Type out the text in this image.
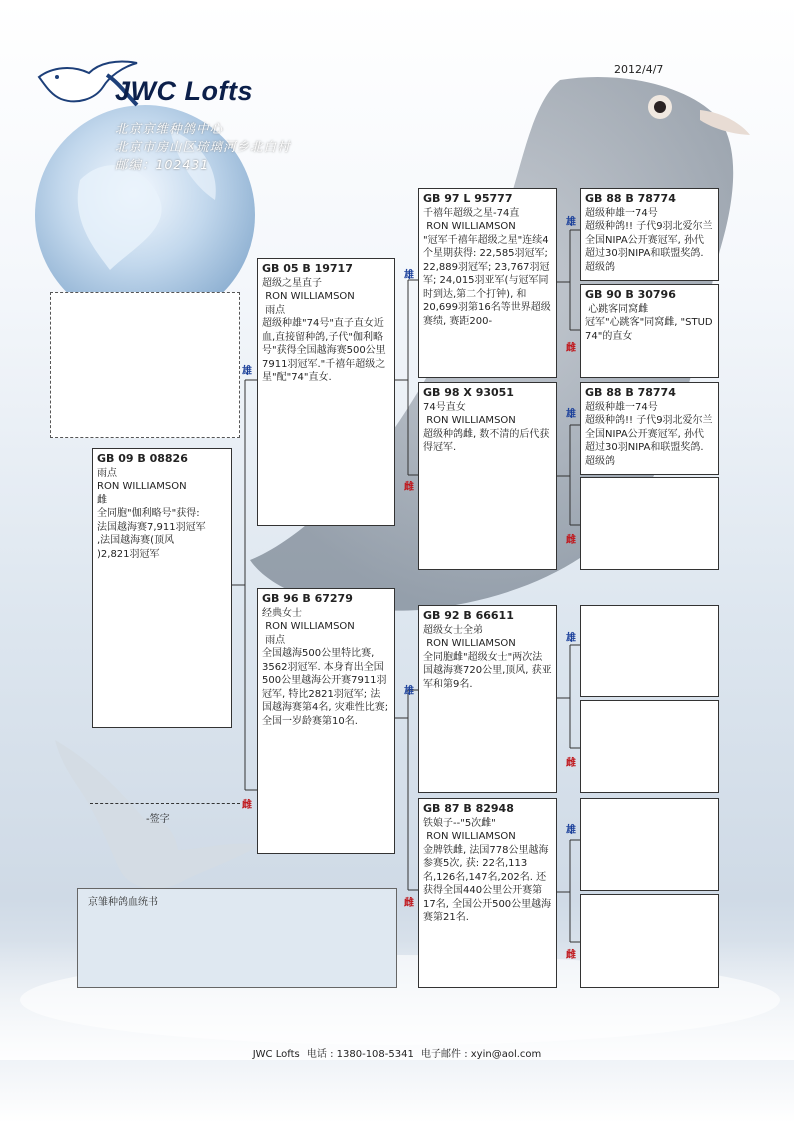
2012/4/7
JWC Lofts
北京京维种鸽中心
北京市房山区琉璃河乡北白村
邮编：102431
GB 09 B 08826

雨点
RON WILLIAMSON
雌
全同胞"伽利略号"获得:
法国越海赛7,911羽冠军
,法国越海赛(顶风
)2,821羽冠军
GB 05 B 19717

超级之星直子
RON WILLIAMSON
雨点
超级种雄"74号"直子直女近血,直接留种鸽,子代"伽利略号"获得全国越海赛500公里7911羽冠军."千禧年超级之星"配"74"直女.
雄
GB 96 B 67279

经典女士
RON WILLIAMSON
雨点
全国越海500公里特比赛, 3562羽冠军. 本身育出全国500公里越海公开赛7911羽冠军, 特比2821羽冠军; 法国越海赛第4名, 灾难性比赛; 全国一岁龄赛第10名.
雌
GB 97 L 95777

千禧年超级之星-74直
RON WILLIAMSON
"冠军千禧年超级之星"连续4个星期获得: 22,585羽冠军; 22,889羽冠军; 23,767羽冠军; 24,015羽亚军(与冠军同时到达,第二个打钟), 和20,699羽第16名等世界超级赛绩, 赛距200-
雄
GB 98 X 93051

74号直女
RON WILLIAMSON
超级种鸽雌, 数不清的后代获得冠军.
雌
GB 92 B 66611

超级女士全弟
RON WILLIAMSON
全同胞雌"超级女士"两次法国越海赛720公里,顶风, 获亚军和第9名.
雄
GB 87 B 82948

铁娘子--"5次雌"
RON WILLIAMSON
金牌铁雌, 法国778公里越海参赛5次, 获: 22名,113名,126名,147名,202名. 还获得全国440公里公开赛第17名, 全国公开500公里越海赛第21名.
雌
GB 88 B 78774

超级种雄一74号
超级种鸽!! 子代9羽北爱尔兰全国NIPA公开赛冠军, 孙代超过30羽NIPA和联盟奖鸽. 超级鸽
雄
GB 90 B 30796

心跳客同窝雌
冠军"心跳客"同窝雌, "STUD 74"的直女
雌
GB 88 B 78774

超级种雄一74号
超级种鸽!! 子代9羽北爱尔兰全国NIPA公开赛冠军, 孙代超过30羽NIPA和联盟奖鸽. 超级鸽
雄
雌
雄
雌
雄
雌
-签字
京雏种鸽血统书
JWC Lofts 电话 : 1380-108-5341 电子邮件 : xyin@aol.com
